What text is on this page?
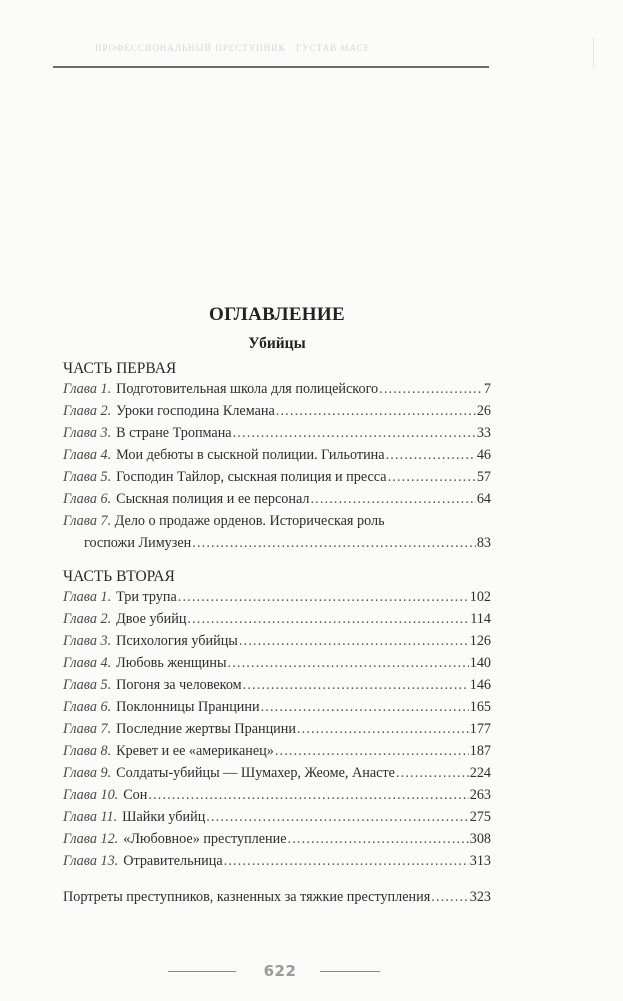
ПРОФЕССИОНАЛЬНЫЙ ПРЕСТУПНИК · ГУСТАВ МАСЕ
ОГЛАВЛЕНИЕ
Убийцы
ЧАСТЬ ПЕРВАЯ
Глава 1. Подготовительная школа для полицейского . . .	7
Глава 2. Уроки господина Клемана . . .	26
Глава 3. В стране Тропмана . . .	33
Глава 4. Мои дебюты в сыскной полиции. Гильотина . . .	46
Глава 5. Господин Тайлор, сыскная полиция и пресса . . .	57
Глава 6. Сыскная полиция и ее персонал . . .	64
Глава 7. Дело о продаже орденов. Историческая роль
госпожи Лимузен . . .	83
ЧАСТЬ ВТОРАЯ
Глава 1. Три трупа . . .	102
Глава 2. Двое убийц . . .	114
Глава 3. Психология убийцы . . .	126
Глава 4. Любовь женщины . . .	140
Глава 5. Погоня за человеком . . .	146
Глава 6. Поклонницы Пранцини . . .	165
Глава 7. Последние жертвы Пранцини . . .	177
Глава 8. Кревет и ее «американец» . . .	187
Глава 9. Солдаты-убийцы — Шумахер, Жеоме, Анасте . . .	224
Глава 10. Сон . . .	263
Глава 11. Шайки убийц . . .	275
Глава 12. «Любовное» преступление . . .	308
Глава 13. Отравительница . . .	313
Портреты преступников, казненных за тяжкие преступления . . .	323
622
